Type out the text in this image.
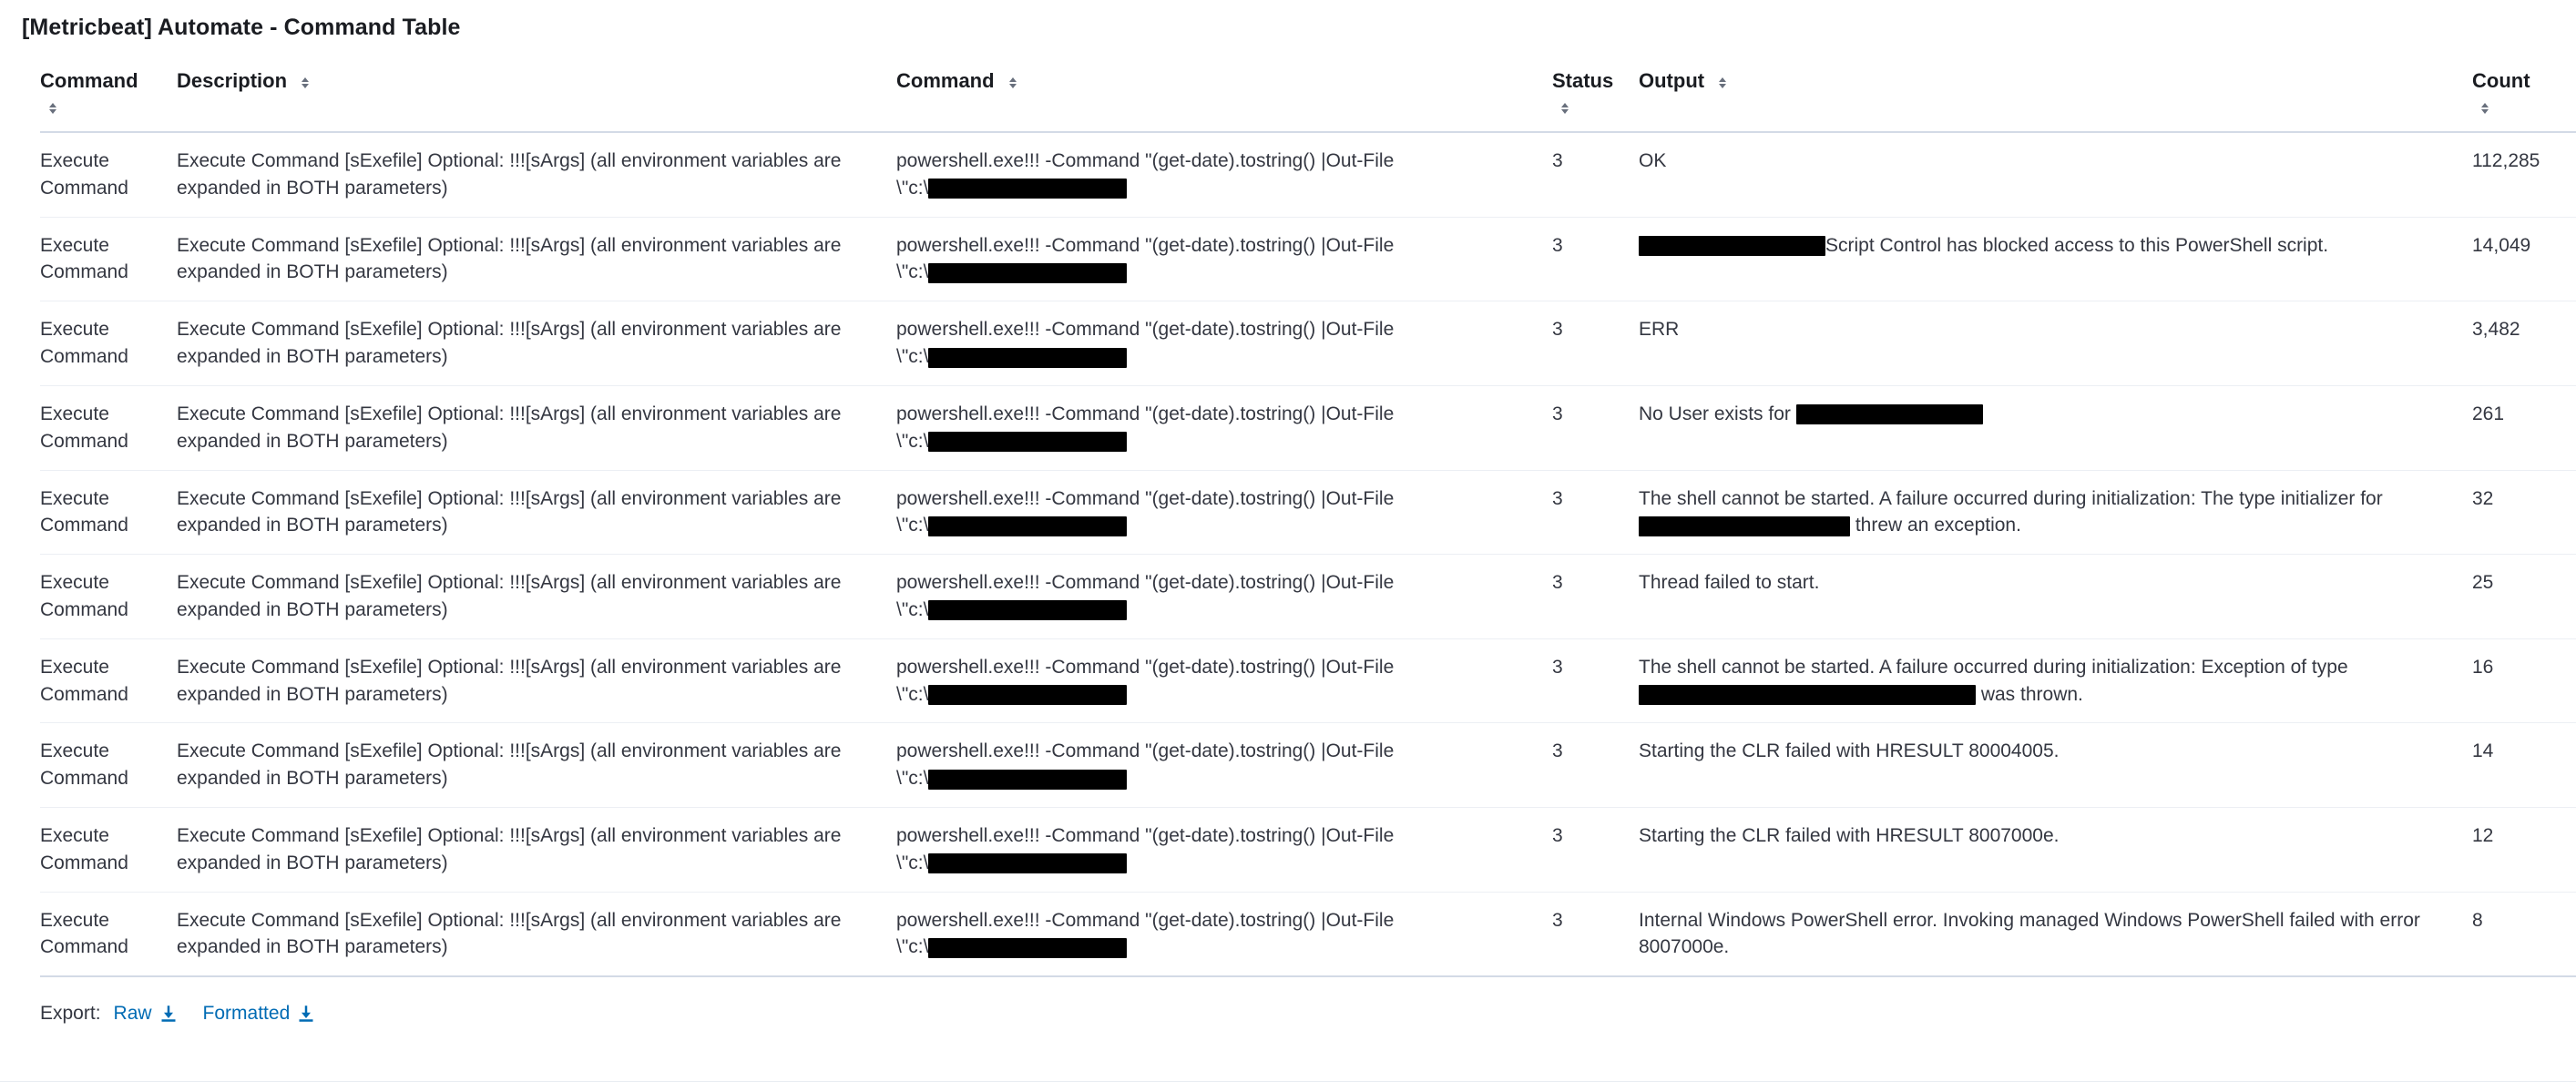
[Metricbeat] Automate - Command Table
Command	Description	Command	Status	Output	Count

Execute Command	Execute Command [sExefile] Optional: !!![sArgs] (all environment variables are expanded in BOTH parameters)	powershell.exe!!! -Command "(get-date).tostring() |Out-File
\"c:\	3	OK	112,285
Execute Command	Execute Command [sExefile] Optional: !!![sArgs] (all environment variables are expanded in BOTH parameters)	powershell.exe!!! -Command "(get-date).tostring() |Out-File
\"c:\	3	Script Control has blocked access to this PowerShell script.	14,049
Execute Command	Execute Command [sExefile] Optional: !!![sArgs] (all environment variables are expanded in BOTH parameters)	powershell.exe!!! -Command "(get-date).tostring() |Out-File
\"c:\	3	ERR	3,482
Execute Command	Execute Command [sExefile] Optional: !!![sArgs] (all environment variables are expanded in BOTH parameters)	powershell.exe!!! -Command "(get-date).tostring() |Out-File
\"c:\	3	No User exists for	261
Execute Command	Execute Command [sExefile] Optional: !!![sArgs] (all environment variables are expanded in BOTH parameters)	powershell.exe!!! -Command "(get-date).tostring() |Out-File
\"c:\	3	The shell cannot be started. A failure occurred during initialization: The type initializer for  threw an exception.	32
Execute Command	Execute Command [sExefile] Optional: !!![sArgs] (all environment variables are expanded in BOTH parameters)	powershell.exe!!! -Command "(get-date).tostring() |Out-File
\"c:\	3	Thread failed to start.	25
Execute Command	Execute Command [sExefile] Optional: !!![sArgs] (all environment variables are expanded in BOTH parameters)	powershell.exe!!! -Command "(get-date).tostring() |Out-File
\"c:\	3	The shell cannot be started. A failure occurred during initialization: Exception of type  was thrown.	16
Execute Command	Execute Command [sExefile] Optional: !!![sArgs] (all environment variables are expanded in BOTH parameters)	powershell.exe!!! -Command "(get-date).tostring() |Out-File
\"c:\	3	Starting the CLR failed with HRESULT 80004005.	14
Execute Command	Execute Command [sExefile] Optional: !!![sArgs] (all environment variables are expanded in BOTH parameters)	powershell.exe!!! -Command "(get-date).tostring() |Out-File
\"c:\	3	Starting the CLR failed with HRESULT 8007000e.	12
Execute Command	Execute Command [sExefile] Optional: !!![sArgs] (all environment variables are expanded in BOTH parameters)	powershell.exe!!! -Command "(get-date).tostring() |Out-File
\"c:\	3	Internal Windows PowerShell error. Invoking managed Windows PowerShell failed with error 8007000e.	8
Export: Raw	Formatted
